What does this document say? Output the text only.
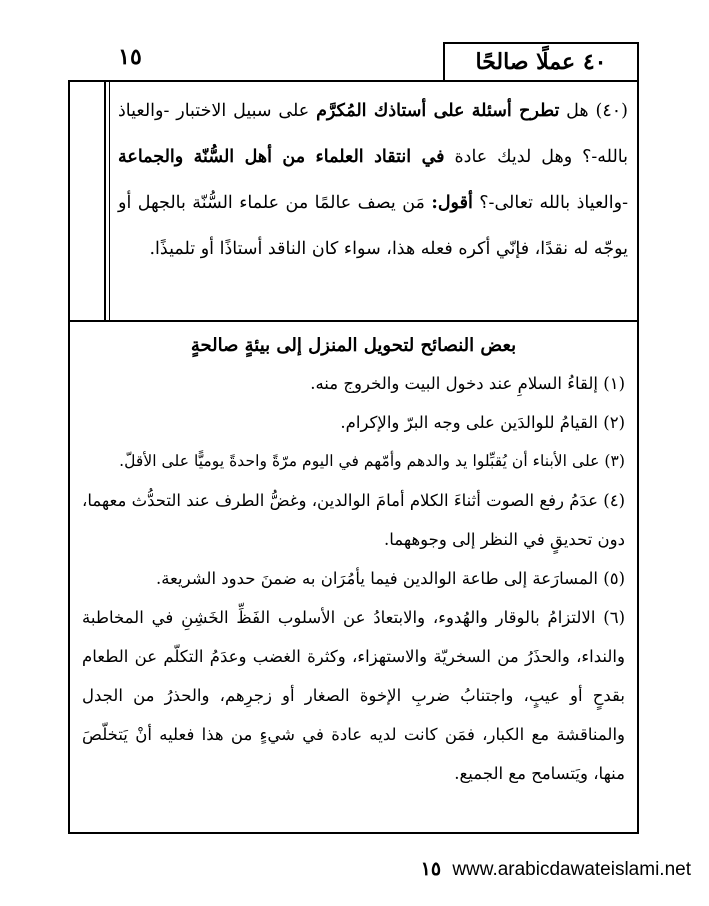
٤٠ عملًا صالحًا
١٥
(٤٠) هل تطرح أسئلة على أستاذك المُكرَّم على سبيل الاختبار -والعياذ بالله-؟ وهل لديك عادة في انتقاد العلماء من أهل السُّنّة والجماعة -والعياذ بالله تعالى-؟ أقول: مَن يصف عالمًا من علماء السُّنّة بالجهل أو يوجّه له نقدًا، فإنّي أكره فعله هذا، سواء كان الناقد أستاذًا أو تلميذًا.
بعض النصائح لتحويل المنزل إلى بيئةٍ صالحةٍ
(١) إلقاءُ السلامِ عند دخول البيت والخروج منه.
(٢) القيامُ للوالدَين على وجه البرّ والإكرام.
(٣) على الأبناء أن يُقبِّلوا يد والدهم وأمّهم في اليوم مرّةً واحدةً يوميًّا على الأقلّ.
(٤) عدَمُ رفع الصوت أثناءَ الكلام أمامَ الوالدين، وغضُّ الطرف عند التحدُّث معهما، دون تحديقٍ في النظر إلى وجوههما.
(٥) المسارَعة إلى طاعة الوالدين فيما يأمُرَان به ضمنَ حدود الشريعة.
(٦) الالتزامُ بالوقار والهُدوء، والابتعادُ عن الأسلوب الفَظِّ الخَشِنِ في المخاطبة والنداء، والحذَرُ من السخريّة والاستهزاء، وكثرة الغضب وعدَمُ التكلّم عن الطعام بقدحٍ أو عيبٍ، واجتنابُ ضربِ الإخوة الصغار أو زجرِهم، والحذرُ من الجدل والمناقشة مع الكبار، فمَن كانت لديه عادة في شيءٍ من هذا فعليه أنْ يَتخلّصَ منها، ويَتسامح مع الجميع.
١٥ www.arabicdawateislami.net
